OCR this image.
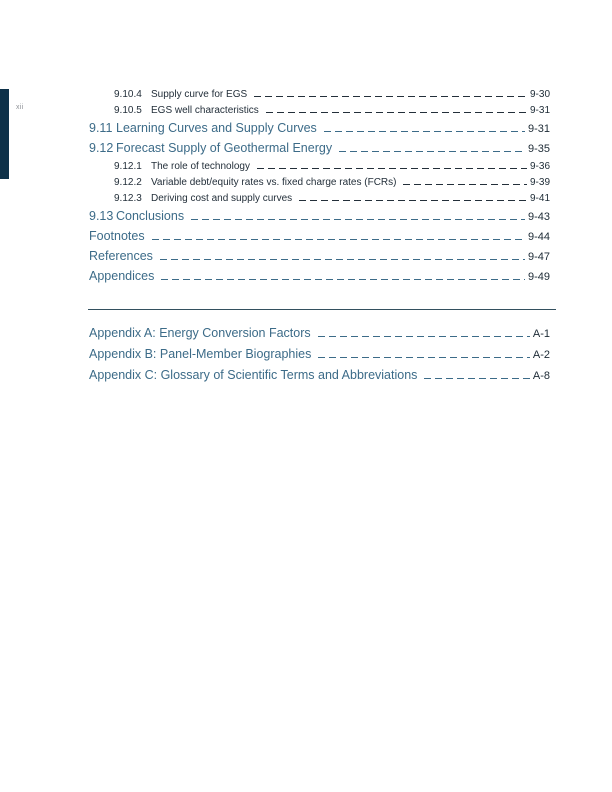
xii
9.10.4 Supply curve for EGS	9-30
9.10.5 EGS well characteristics	9-31
9.11 Learning Curves and Supply Curves	9-31
9.12 Forecast Supply of Geothermal Energy	9-35
9.12.1 The role of technology	9-36
9.12.2 Variable debt/equity rates vs. fixed charge rates (FCRs)	9-39
9.12.3 Deriving cost and supply curves	9-41
9.13 Conclusions	9-43
Footnotes	9-44
References	9-47
Appendices	9-49
Appendix A: Energy Conversion Factors	A-1
Appendix B: Panel-Member Biographies	A-2
Appendix C: Glossary of Scientific Terms and Abbreviations	A-8
